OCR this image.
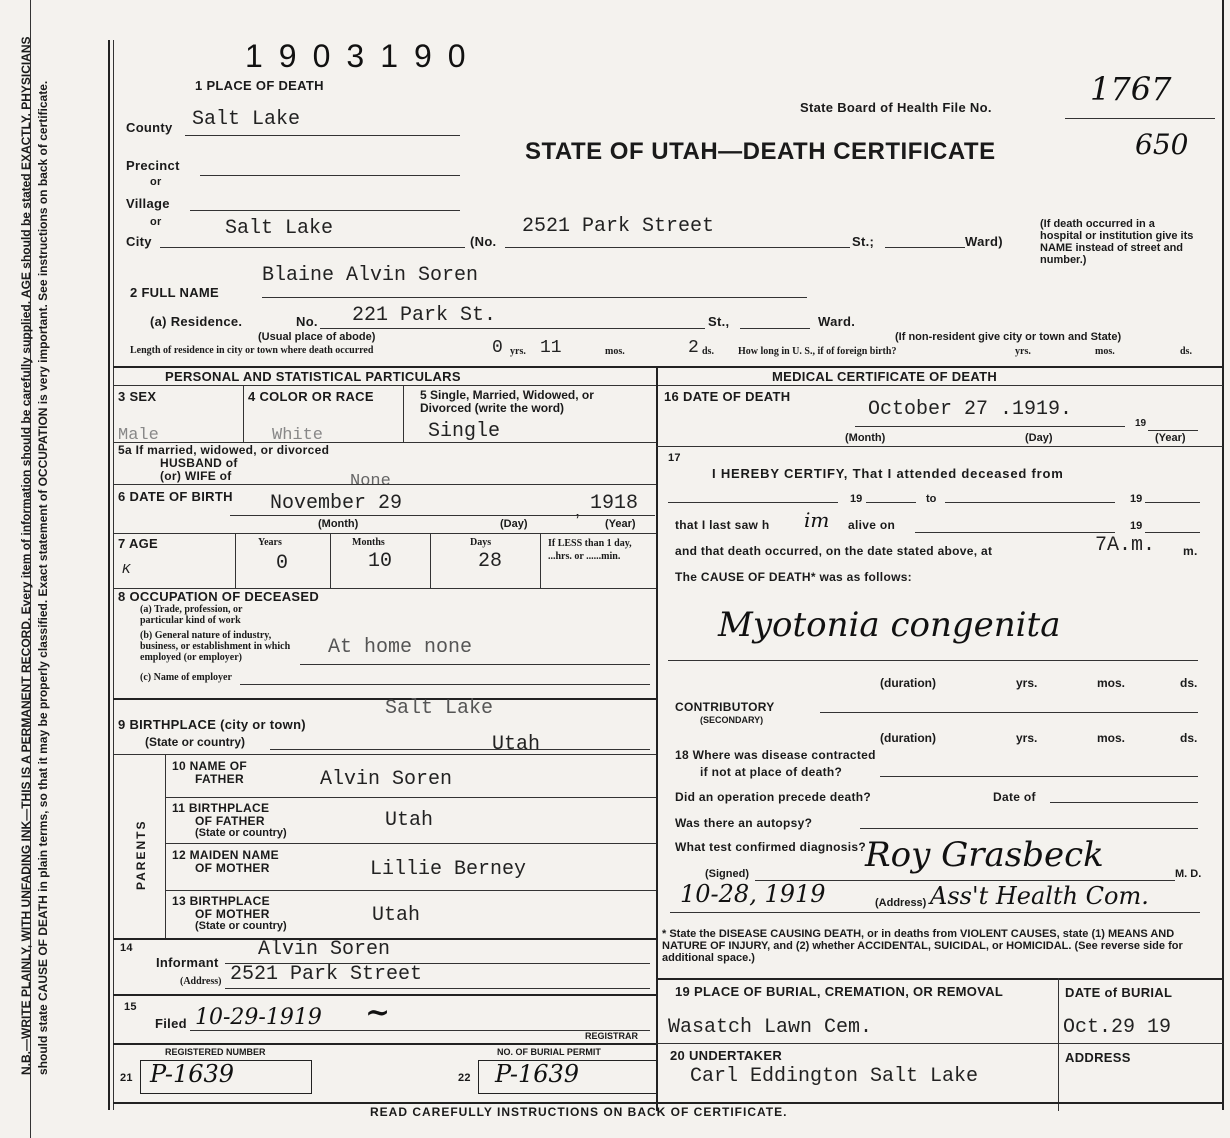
N.B.—WRITE PLAINLY, WITH UNFADING INK—THIS IS A PERMANENT RECORD. Every item of information should be carefully supplied. AGE should be stated EXACTLY. PHYSICIANS should state CAUSE OF DEATH in plain terms, so that it may be properly classified. Exact statement of OCCUPATION is very important. See instructions on back of certificate.	PARENTS
1903190
1 PLACE OF DEATH
State Board of Health File No.	1767
650
STATE OF UTAH—DEATH CERTIFICATE
County Salt Lake
Precinct
or
Village
or
City
Salt Lake
(No.
2521 Park Street
St.;	Ward)
(If death occurred in a hospital or institution give its NAME instead of street and number.)
2 FULL NAME
Blaine Alvin Soren
(a) Residence.	No. 221 Park St.	St.,	Ward.
(Usual place of abode)	(If non-resident give city or town and State)
Length of residence in city or town where death occurred	0 yrs. 11	mos.	2 ds. How long in U. S., if of foreign birth?	yrs.	mos.	ds.
PERSONAL AND STATISTICAL PARTICULARS	MEDICAL CERTIFICATE OF DEATH
3 SEX
Male
4 COLOR OR RACE
White
5 Single, Married, Widowed, or Divorced (write the word)
Single
5a If married, widowed, or divorced
HUSBAND of
(or) WIFE of	None
6 DATE OF BIRTH November 29	, 1918
(Month)	(Day)	(Year)
7 AGE
K
Years
0
Months
10
Days
28
If LESS than 1 day, ...hrs. or ......min.
8 OCCUPATION OF DECEASED
(a) Trade, profession, or particular kind of work
(b) General nature of industry, business, or establishment in which employed (or employer)	At home none
(c) Name of employer
9 BIRTHPLACE (city or town)
Salt Lake
(State or country)	Utah
10 NAME OF
FATHER	Alvin Soren
11 BIRTHPLACE
OF FATHER
(State or country)
Utah
12 MAIDEN NAME
OF MOTHER	Lillie Berney
13 BIRTHPLACE
OF MOTHER
(State or country)	Utah
14
Informant
Alvin Soren
(Address) 2521 Park Street
15
Filed 10-29-1919 ~
REGISTRAR
REGISTERED NUMBER
21 P-1639
NO. OF BURIAL PERMIT
22 P-1639
16 DATE OF DEATH
October 27 .1919.
19
(Month)	(Day)	(Year)
17
I HEREBY CERTIFY, That I attended deceased from
19	to	19
that I last saw h im alive on	19
and that death occurred, on the date stated above, at	7A.m. m.
The CAUSE OF DEATH* was as follows:
Myotonia congenita
(duration)	yrs.	mos.	ds.
CONTRIBUTORY
(SECONDARY)
(duration)	yrs.	mos.	ds.
18 Where was disease contracted
if not at place of death?
Did an operation precede death?	Date of
Was there an autopsy?
What test confirmed diagnosis?
Roy Grasbeck
(Signed)	M. D.
10-28, 1919	(Address) Ass't Health Com.
* State the DISEASE CAUSING DEATH, or in deaths from VIOLENT CAUSES, state (1) MEANS AND NATURE OF INJURY, and (2) whether ACCIDENTAL, SUICIDAL, or HOMICIDAL. (See reverse side for additional space.)
19 PLACE OF BURIAL, CREMATION, OR REMOVAL
Wasatch Lawn Cem.
DATE of BURIAL
Oct.29 19
20 UNDERTAKER
Carl Eddington Salt Lake
ADDRESS
READ CAREFULLY INSTRUCTIONS ON BACK OF CERTIFICATE.
